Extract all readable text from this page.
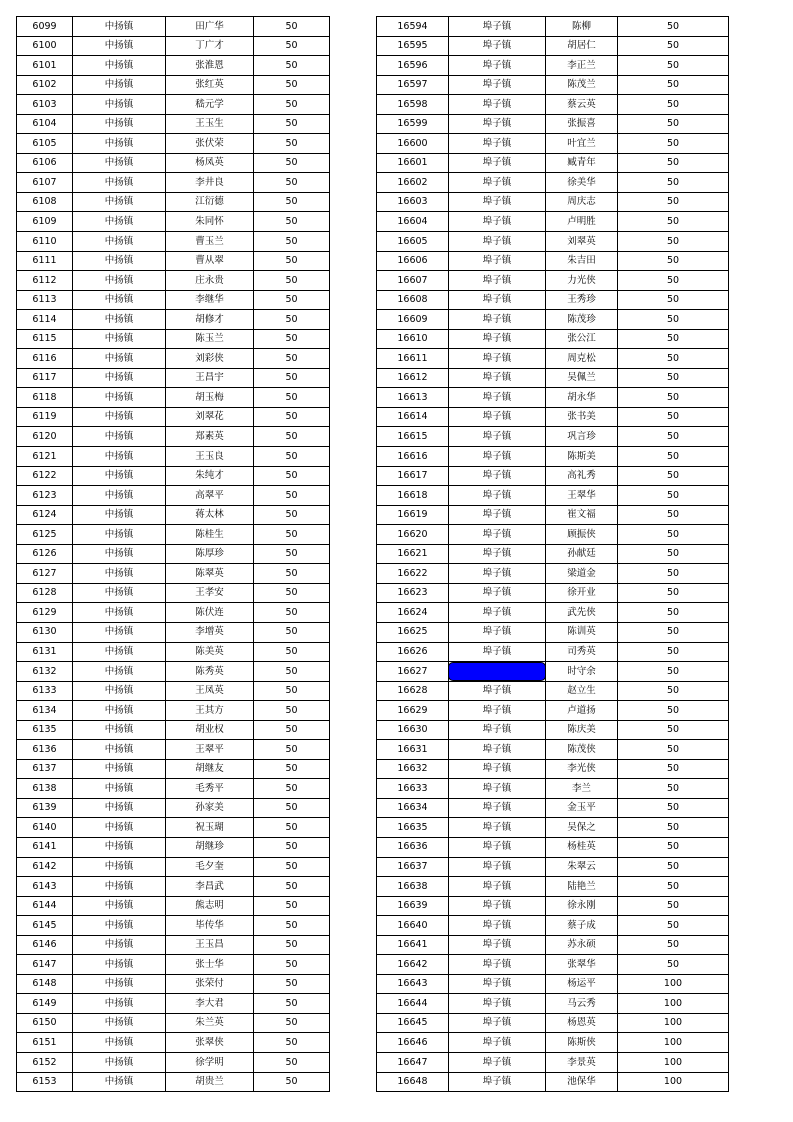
6099	中扬镇	田广华	50
6100	中扬镇	丁广才	50
6101	中扬镇	张淮恩	50
6102	中扬镇	张红英	50
6103	中扬镇	嵇元学	50
6104	中扬镇	王玉生	50
6105	中扬镇	张伏荣	50
6106	中扬镇	杨凤英	50
6107	中扬镇	李井良	50
6108	中扬镇	江衍德	50
6109	中扬镇	朱同怀	50
6110	中扬镇	曹玉兰	50
6111	中扬镇	曹从翠	50
6112	中扬镇	庄永贵	50
6113	中扬镇	李继华	50
6114	中扬镇	胡修才	50
6115	中扬镇	陈玉兰	50
6116	中扬镇	刘彩侠	50
6117	中扬镇	王昌宇	50
6118	中扬镇	胡玉梅	50
6119	中扬镇	刘翠花	50
6120	中扬镇	郑素英	50
6121	中扬镇	王玉良	50
6122	中扬镇	朱纯才	50
6123	中扬镇	高翠平	50
6124	中扬镇	蒋太林	50
6125	中扬镇	陈桂生	50
6126	中扬镇	陈厚珍	50
6127	中扬镇	陈翠英	50
6128	中扬镇	王孝安	50
6129	中扬镇	陈伏连	50
6130	中扬镇	李增英	50
6131	中扬镇	陈美英	50
6132	中扬镇	陈秀英	50
6133	中扬镇	王凤英	50
6134	中扬镇	王其方	50
6135	中扬镇	胡业权	50
6136	中扬镇	王翠平	50
6137	中扬镇	胡继友	50
6138	中扬镇	毛秀平	50
6139	中扬镇	孙家美	50
6140	中扬镇	祝玉瑚	50
6141	中扬镇	胡继珍	50
6142	中扬镇	毛夕奎	50
6143	中扬镇	李昌武	50
6144	中扬镇	熊志明	50
6145	中扬镇	毕传华	50
6146	中扬镇	王玉昌	50
6147	中扬镇	张士华	50
6148	中扬镇	张荣付	50
6149	中扬镇	李大君	50
6150	中扬镇	朱兰英	50
6151	中扬镇	张翠侠	50
6152	中扬镇	徐学明	50
6153	中扬镇	胡贵兰	50
16594	埠子镇	陈柳	50
16595	埠子镇	胡居仁	50
16596	埠子镇	李正兰	50
16597	埠子镇	陈茂兰	50
16598	埠子镇	蔡云英	50
16599	埠子镇	张振喜	50
16600	埠子镇	叶宜兰	50
16601	埠子镇	臧青年	50
16602	埠子镇	徐美华	50
16603	埠子镇	周庆志	50
16604	埠子镇	卢明胜	50
16605	埠子镇	刘翠英	50
16606	埠子镇	朱吉田	50
16607	埠子镇	力光侠	50
16608	埠子镇	王秀珍	50
16609	埠子镇	陈茂珍	50
16610	埠子镇	张公江	50
16611	埠子镇	周克松	50
16612	埠子镇	吴佩兰	50
16613	埠子镇	胡永华	50
16614	埠子镇	张书美	50
16615	埠子镇	巩言珍	50
16616	埠子镇	陈斯美	50
16617	埠子镇	高礼秀	50
16618	埠子镇	王翠华	50
16619	埠子镇	崔文福	50
16620	埠子镇	顾振侠	50
16621	埠子镇	孙献廷	50
16622	埠子镇	梁道金	50
16623	埠子镇	徐开业	50
16624	埠子镇	武先侠	50
16625	埠子镇	陈训英	50
16626	埠子镇	司秀英	50
16627	埠子镇	时守余	50
16628	埠子镇	赵立生	50
16629	埠子镇	卢道扬	50
16630	埠子镇	陈庆美	50
16631	埠子镇	陈茂侠	50
16632	埠子镇	李光侠	50
16633	埠子镇	李兰	50
16634	埠子镇	金玉平	50
16635	埠子镇	吴保之	50
16636	埠子镇	杨桂英	50
16637	埠子镇	朱翠云	50
16638	埠子镇	陆艳兰	50
16639	埠子镇	徐永刚	50
16640	埠子镇	蔡子成	50
16641	埠子镇	苏永硕	50
16642	埠子镇	张翠华	50
16643	埠子镇	杨运平	100
16644	埠子镇	马云秀	100
16645	埠子镇	杨恩英	100
16646	埠子镇	陈斯侠	100
16647	埠子镇	李景英	100
16648	埠子镇	池保华	100
